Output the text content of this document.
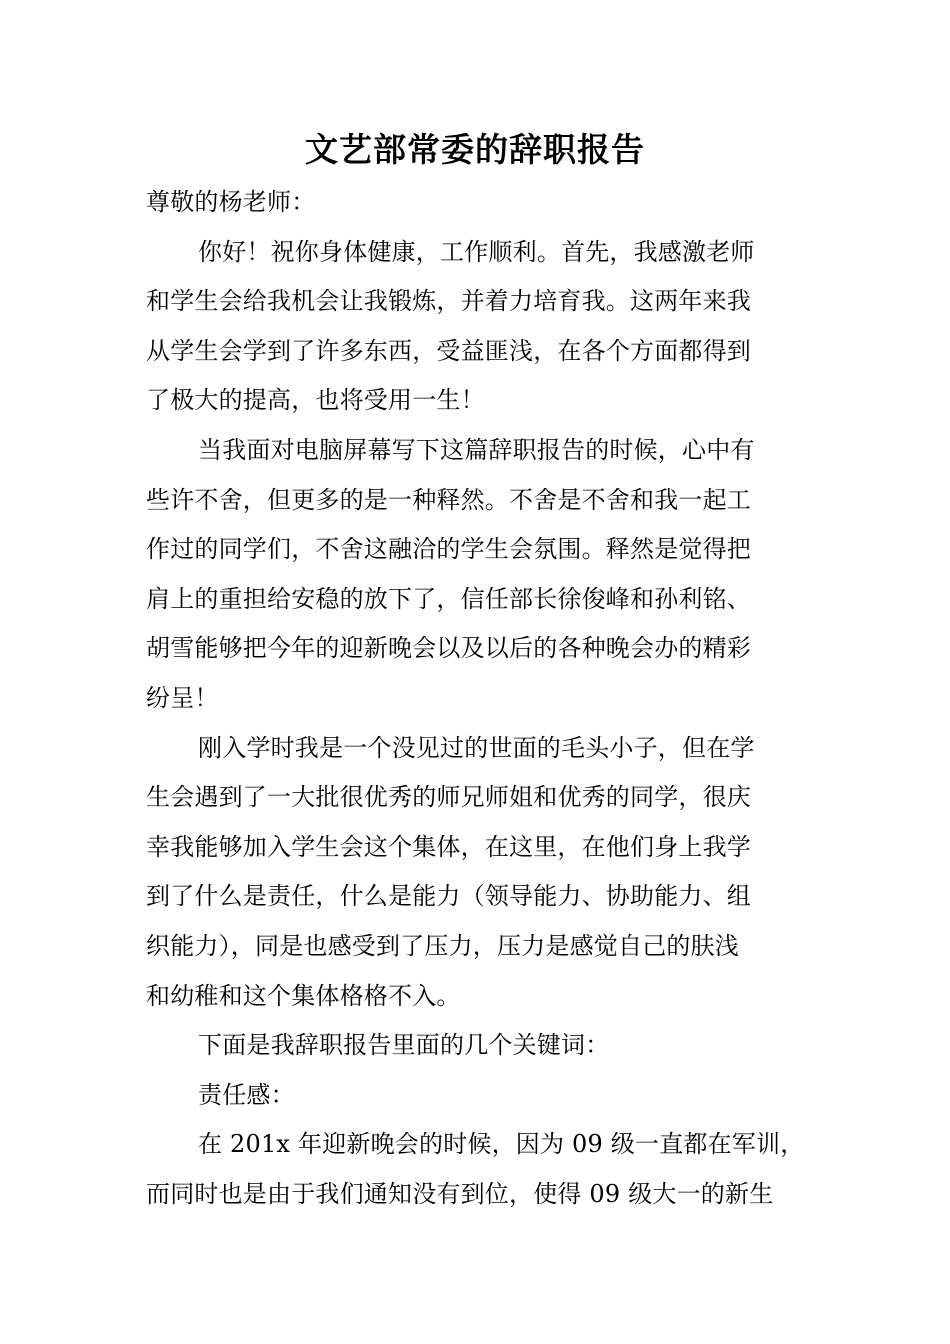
文艺部常委的辞职报告
尊敬的杨老师：
你好！祝你身体健康，工作顺利。首先，我感激老师
和学生会给我机会让我锻炼，并着力培育我。这两年来我
从学生会学到了许多东西，受益匪浅，在各个方面都得到
了极大的提高，也将受用一生！
当我面对电脑屏幕写下这篇辞职报告的时候，心中有
些许不舍，但更多的是一种释然。不舍是不舍和我一起工
作过的同学们，不舍这融洽的学生会氛围。释然是觉得把
肩上的重担给安稳的放下了，信任部长徐俊峰和孙利铭、
胡雪能够把今年的迎新晚会以及以后的各种晚会办的精彩
纷呈！
刚入学时我是一个没见过的世面的毛头小子，但在学
生会遇到了一大批很优秀的师兄师姐和优秀的同学，很庆
幸我能够加入学生会这个集体，在这里，在他们身上我学
到了什么是责任，什么是能力（领导能力、协助能力、组
织能力），同是也感受到了压力，压力是感觉自己的肤浅
和幼稚和这个集体格格不入。
下面是我辞职报告里面的几个关键词：
责任感：
在 201x 年迎新晚会的时候，因为 09 级一直都在军训，
而同时也是由于我们通知没有到位，使得 09 级大一的新生
